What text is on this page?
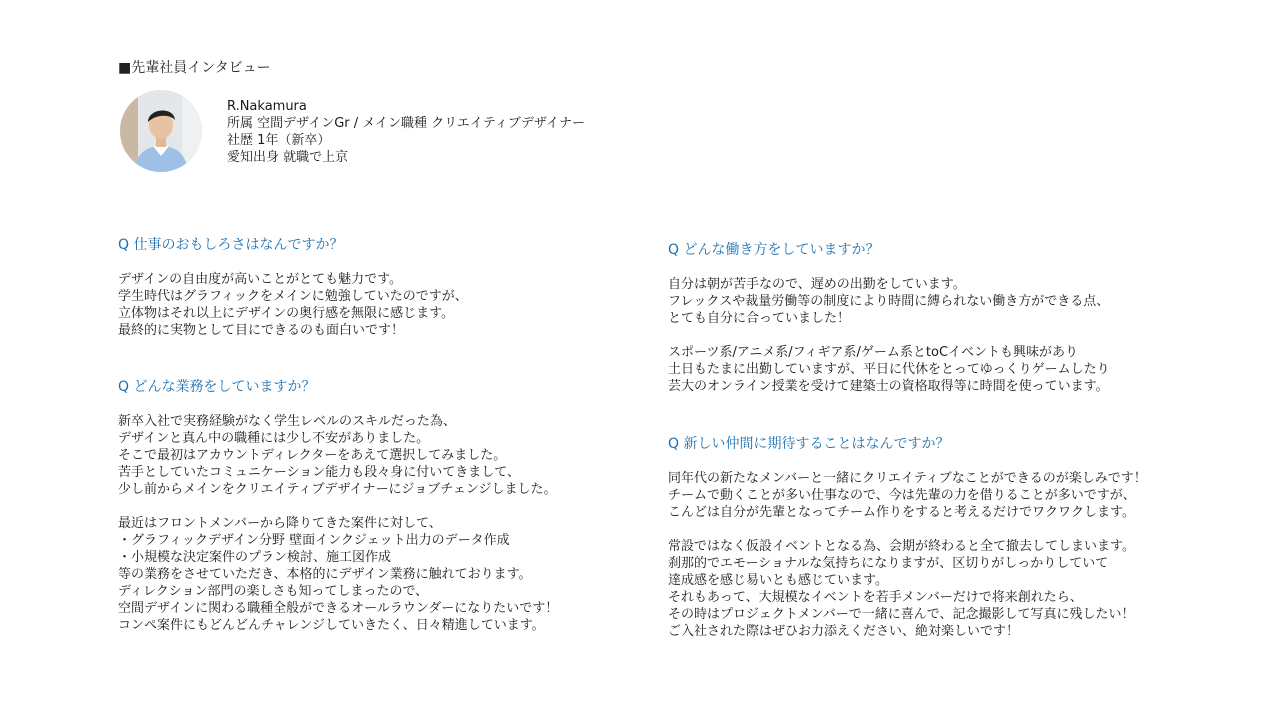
■先輩社員インタビュー
R.Nakamura
所属 空間デザインGr / メイン職種 クリエイティブデザイナー
社歴 1年（新卒）
愛知出身 就職で上京
Q 仕事のおもしろさはなんですか？
デザインの自由度が高いことがとても魅力です。
学生時代はグラフィックをメインに勉強していたのですが、
立体物はそれ以上にデザインの奥行感を無限に感じます。
最終的に実物として目にできるのも面白いです！
Q どんな業務をしていますか？
新卒入社で実務経験がなく学生レベルのスキルだった為、
デザインと真ん中の職種には少し不安がありました。
そこで最初はアカウントディレクターをあえて選択してみました。
苦手としていたコミュニケーション能力も段々身に付いてきまして、
少し前からメインをクリエイティブデザイナーにジョブチェンジしました。
最近はフロントメンバーから降りてきた案件に対して、
・グラフィックデザイン分野 壁面インクジェット出力のデータ作成
・小規模な決定案件のプラン検討、施工図作成
等の業務をさせていただき、本格的にデザイン業務に触れております。
ディレクション部門の楽しさも知ってしまったので、
空間デザインに関わる職種全般ができるオールラウンダーになりたいです！
コンペ案件にもどんどんチャレンジしていきたく、日々精進しています。
Q どんな働き方をしていますか？
自分は朝が苦手なので、遅めの出勤をしています。
フレックスや裁量労働等の制度により時間に縛られない働き方ができる点、
とても自分に合っていました！
スポーツ系/アニメ系/フィギア系/ゲーム系とtoCイベントも興味があり
土日もたまに出勤していますが、平日に代休をとってゆっくりゲームしたり
芸大のオンライン授業を受けて建築士の資格取得等に時間を使っています。
Q 新しい仲間に期待することはなんですか？
同年代の新たなメンバーと一緒にクリエイティブなことができるのが楽しみです！
チームで動くことが多い仕事なので、今は先輩の力を借りることが多いですが、
こんどは自分が先輩となってチーム作りをすると考えるだけでワクワクします。
常設ではなく仮設イベントとなる為、会期が終わると全て撤去してしまいます。
刹那的でエモーショナルな気持ちになりますが、区切りがしっかりしていて
達成感を感じ易いとも感じています。
それもあって、大規模なイベントを若手メンバーだけで将来創れたら、
その時はプロジェクトメンバーで一緒に喜んで、記念撮影して写真に残したい！
ご入社された際はぜひお力添えください、絶対楽しいです！
